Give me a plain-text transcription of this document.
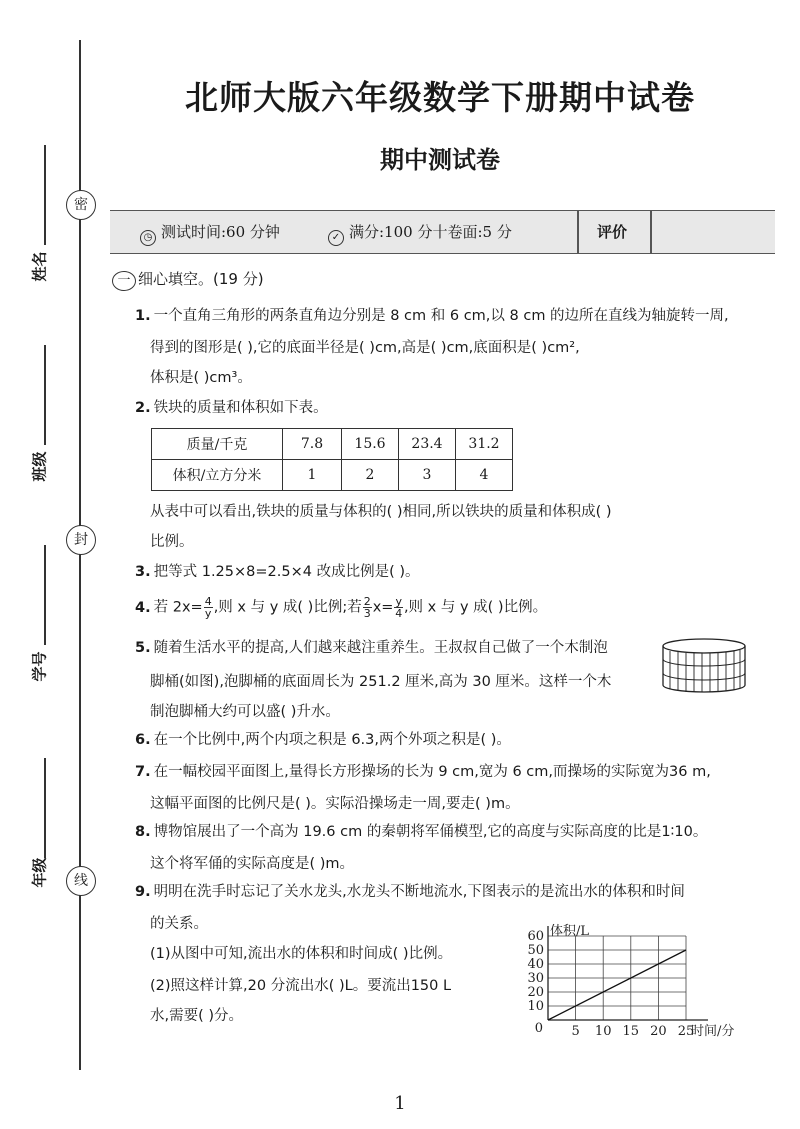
密
封
线
姓名
班级
学号
年级
北师大版六年级数学下册期中试卷
期中测试卷
◷ 测试时间:60 分钟	✓ 满分:100 分十卷面:5 分	评价
一 细心填空。(19 分)
1. 一个直角三角形的两条直角边分别是 8 cm 和 6 cm,以 8 cm 的边所在直线为轴旋转一周,
得到的图形是( ),它的底面半径是( )cm,高是( )cm,底面积是( )cm²,
体积是( )cm³。
2. 铁块的质量和体积如下表。
质量/千克	7.8	15.6	23.4	31.2
体积/立方分米	1	2	3	4
从表中可以看出,铁块的质量与体积的( )相同,所以铁块的质量和体积成( )
比例。
3. 把等式 1.25×8=2.5×4 改成比例是( )。
4. 若 $2x= \frac{4}{y}$ ,则 x 与 y 成( )比例;若 $\frac{2}{3} x= \frac{y}{4}$ ,则 x 与 y 成( )比例。
5. 随着生活水平的提高,人们越来越注重养生。王叔叔自己做了一个木制泡
脚桶(如图),泡脚桶的底面周长为 251.2 厘米,高为 30 厘米。这样一个木
制泡脚桶大约可以盛( )升水。
6. 在一个比例中,两个内项之积是 6.3,两个外项之积是( )。
7. 在一幅校园平面图上,量得长方形操场的长为 9 cm,宽为 6 cm,而操场的实际宽为36 m,
这幅平面图的比例尺是( )。实际沿操场走一周,要走( )m。
8. 博物馆展出了一个高为 19.6 cm 的秦朝将军俑模型,它的高度与实际高度的比是1∶10。
这个将军俑的实际高度是( )m。
9. 明明在洗手时忘记了关水龙头,水龙头不断地流水,下图表示的是流出水的体积和时间
的关系。
(1)从图中可知,流出水的体积和时间成( )比例。
(2)照这样计算,20 分流出水( )L。要流出150 L
水,需要( )分。
5 10 15 20 25
10
20
30
40
50
60
0
体积/L
时间/分
1
